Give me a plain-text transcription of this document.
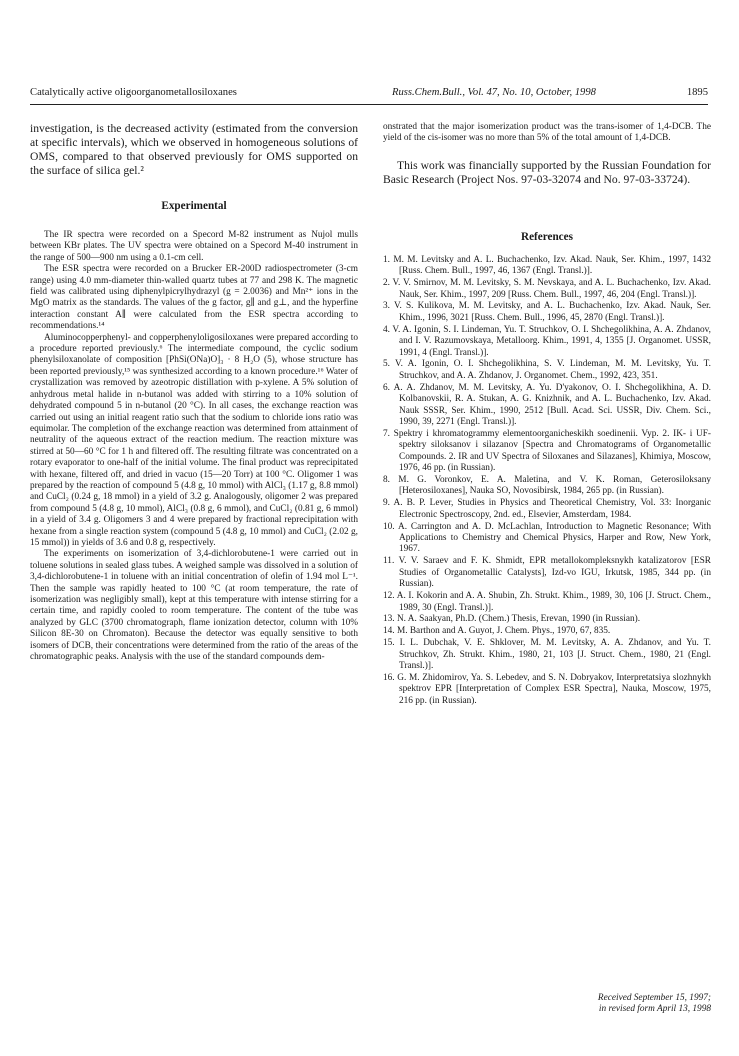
Catalytically active oligoorganometallosiloxanes	Russ.Chem.Bull., Vol. 47, No. 10, October, 1998	1895

investigation, is the decreased activity (estimated from the conversion at specific intervals), which we observed in homogeneous solutions of OMS, compared to that observed previously for OMS supported on the surface of silica gel.²

Experimental

The IR spectra were recorded on a Specord M-82 instrument as Nujol mulls between KBr plates. The UV spectra were obtained on a Specord M-40 instrument in the range of 500—900 nm using a 0.1-cm cell.

The ESR spectra were recorded on a Brucker ER-200D radiospectrometer (3-cm range) using 4.0 mm-diameter thin-walled quartz tubes at 77 and 298 K. The magnetic field was calibrated using diphenylpicrylhydrazyl (g = 2.0036) and Mn²⁺ ions in the MgO matrix as the standards. The values of the g factor, g∥ and g⊥, and the hyperfine interaction constant A∥ were calculated from the ESR spectra according to recommendations.¹⁴

Aluminocopperphenyl- and copperphenyloligosiloxanes were prepared according to a procedure reported previously.⁶ The intermediate compound, the cyclic sodium phenylsiloxanolate of composition [PhSi(ONa)O]₃ · 8 H₂O (5), whose structure has been reported previously,¹⁵ was synthesized according to a known procedure.¹⁶ Water of crystallization was removed by azeotropic distillation with p-xylene. A 5% solution of anhydrous metal halide in n-butanol was added with stirring to a 10% solution of dehydrated compound 5 in n-butanol (20 °C). In all cases, the exchange reaction was carried out using an initial reagent ratio such that the sodium to chloride ions ratio was equimolar. The completion of the exchange reaction was determined from attainment of neutrality of the aqueous extract of the reaction medium. The reaction mixture was stirred at 50—60 °C for 1 h and filtered off. The resulting filtrate was concentrated on a rotary evaporator to one-half of the initial volume. The final product was reprecipitated with hexane, filtered off, and dried in vacuo (15—20 Torr) at 100 °C. Oligomer 1 was prepared by the reaction of compound 5 (4.8 g, 10 mmol) with AlCl₃ (1.17 g, 8.8 mmol) and CuCl₂ (0.24 g, 18 mmol) in a yield of 3.2 g. Analogously, oligomer 2 was prepared from compound 5 (4.8 g, 10 mmol), AlCl₃ (0.8 g, 6 mmol), and CuCl₂ (0.81 g, 6 mmol) in a yield of 3.4 g. Oligomers 3 and 4 were prepared by fractional reprecipitation with hexane from a single reaction system (compound 5 (4.8 g, 10 mmol) and CuCl₂ (2.02 g, 15 mmol)) in yields of 3.6 and 0.8 g, respectively.

The experiments on isomerization of 3,4-dichlorobutene-1 were carried out in toluene solutions in sealed glass tubes. A weighed sample was dissolved in a solution of 3,4-dichlorobutene-1 in toluene with an initial concentration of olefin of 1.94 mol L⁻¹. Then the sample was rapidly heated to 100 °C (at room temperature, the rate of isomerization was negligibly small), kept at this temperature with intense stirring for a certain time, and rapidly cooled to room temperature. The content of the tube was analyzed by GLC (3700 chromatograph, flame ionization detector, column with 10% Silicon 8E-30 on Chromaton). Because the detector was equally sensitive to both isomers of DCB, their concentrations were determined from the ratio of the areas of the chromatographic peaks. Analysis with the use of the standard compounds dem-

onstrated that the major isomerization product was the trans-isomer of 1,4-DCB. The yield of the cis-isomer was no more than 5% of the total amount of 1,4-DCB.

This work was financially supported by the Russian Foundation for Basic Research (Project Nos. 97-03-32074 and No. 97-03-33724).

References
1. M. M. Levitsky and A. L. Buchachenko, Izv. Akad. Nauk, Ser. Khim., 1997, 1432 [Russ. Chem. Bull., 1997, 46, 1367 (Engl. Transl.)].
2. V. V. Smirnov, M. M. Levitsky, S. M. Nevskaya, and A. L. Buchachenko, Izv. Akad. Nauk, Ser. Khim., 1997, 209 [Russ. Chem. Bull., 1997, 46, 204 (Engl. Transl.)].
3. V. S. Kulikova, M. M. Levitsky, and A. L. Buchachenko, Izv. Akad. Nauk, Ser. Khim., 1996, 3021 [Russ. Chem. Bull., 1996, 45, 2870 (Engl. Transl.)].
4. V. A. Igonin, S. I. Lindeman, Yu. T. Struchkov, O. I. Shchegolikhina, A. A. Zhdanov, and I. V. Razumovskaya, Metalloorg. Khim., 1991, 4, 1355 [J. Organomet. USSR, 1991, 4 (Engl. Transl.)].
5. V. A. Igonin, O. I. Shchegolikhina, S. V. Lindeman, M. M. Levitsky, Yu. T. Struchkov, and A. A. Zhdanov, J. Organomet. Chem., 1992, 423, 351.
6. A. A. Zhdanov, M. M. Levitsky, A. Yu. D'yakonov, O. I. Shchegolikhina, A. D. Kolbanovskii, R. A. Stukan, A. G. Knizhnik, and A. L. Buchachenko, Izv. Akad. Nauk SSSR, Ser. Khim., 1990, 2512 [Bull. Acad. Sci. USSR, Div. Chem. Sci., 1990, 39, 2271 (Engl. Transl.)].
7. Spektry i khromatogrammy elementoorganicheskikh soedinenii. Vyp. 2. IK- i UF-spektry siloksanov i silazanov [Spectra and Chromatograms of Organometallic Compounds. 2. IR and UV Spectra of Siloxanes and Silazanes], Khimiya, Moscow, 1976, 46 pp. (in Russian).
8. M. G. Voronkov, E. A. Maletina, and V. K. Roman, Geterosiloksany [Heterosiloxanes], Nauka SO, Novosibirsk, 1984, 265 pp. (in Russian).
9. A. B. P. Lever, Studies in Physics and Theoretical Chemistry, Vol. 33: Inorganic Electronic Spectroscopy, 2nd. ed., Elsevier, Amsterdam, 1984.
10. A. Carrington and A. D. McLachlan, Introduction to Magnetic Resonance; With Applications to Chemistry and Chemical Physics, Harper and Row, New York, 1967.
11. V. V. Saraev and F. K. Shmidt, EPR metallokompleksnykh katalizatorov [ESR Studies of Organometallic Catalysts], Izd-vo IGU, Irkutsk, 1985, 344 pp. (in Russian).
12. A. I. Kokorin and A. A. Shubin, Zh. Strukt. Khim., 1989, 30, 106 [J. Struct. Chem., 1989, 30 (Engl. Transl.)].
13. N. A. Saakyan, Ph.D. (Chem.) Thesis, Erevan, 1990 (in Russian).
14. M. Barthon and A. Guyot, J. Chem. Phys., 1970, 67, 835.
15. I. L. Dubchak, V. E. Shklover, M. M. Levitsky, A. A. Zhdanov, and Yu. T. Struchkov, Zh. Strukt. Khim., 1980, 21, 103 [J. Struct. Chem., 1980, 21 (Engl. Transl.)].
16. G. M. Zhidomirov, Ya. S. Lebedev, and S. N. Dobryakov, Interpretatsiya slozhnykh spektrov EPR [Interpretation of Complex ESR Spectra], Nauka, Moscow, 1975, 216 pp. (in Russian).
Received September 15, 1997;
in revised form April 13, 1998
